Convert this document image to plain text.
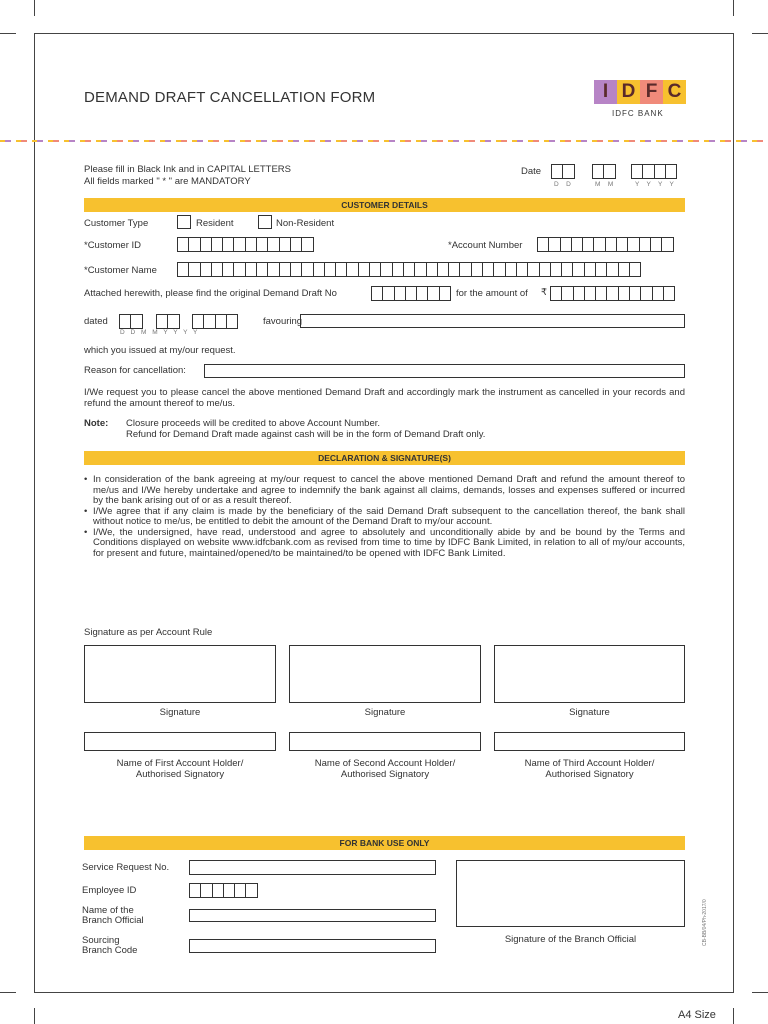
DEMAND DRAFT CANCELLATION FORM	I D F C
IDFC BANK
Please fill in Black Ink and in CAPITAL LETTERS
All fields marked " * " are MANDATORY
Date
D D	M M	Y Y Y Y
CUSTOMER DETAILS
Customer Type	Resident	Non-Resident
*Customer ID	*Account Number
*Customer Name
Attached herewith, please find the original Demand Draft No	for the amount of ₹
dated
D D M M Y Y Y Y
favouring
which you issued at my/our request.
Reason for cancellation:
I/We request you to please cancel the above mentioned Demand Draft and accordingly mark the instrument as cancelled in your records and refund the amount thereof to me/us.
Note: Closure proceeds will be credited to above Account Number.
Refund for Demand Draft made against cash will be in the form of Demand Draft only.
DECLARATION & SIGNATURE(S)
• In consideration of the bank agreeing at my/our request to cancel the above mentioned Demand Draft and refund the amount thereof to me/us and I/We hereby undertake and agree to indemnify the bank against all claims, demands, losses and expenses suffered or incurred by the bank arising out of or as a result thereof.
• I/We agree that if any claim is made by the beneficiary of the said Demand Draft subsequent to the cancellation thereof, the bank shall without notice to me/us, be entitled to debit the amount of the Demand Draft to my/our account.
• I/We, the undersigned, have read, understood and agree to absolutely and unconditionally abide by and be bound by the Terms and Conditions displayed on website www.idfcbank.com as revised from time to time by IDFC Bank Limited, in relation to all of my/our accounts, for present and future, maintained/opened/to be maintained/to be opened with IDFC Bank Limited.
Signature as per Account Rule
Signature	Signature	Signature
Name of First Account Holder/
Authorised Signatory
Name of Second Account Holder/
Authorised Signatory
Name of Third Account Holder/
Authorised Signatory
FOR BANK USE ONLY
Service Request No.
Employee ID
Name of the
Branch Official
Sourcing
Branch Code
Signature of the Branch Official	CB-BB/04/Ph-2017/0
A4 Size
